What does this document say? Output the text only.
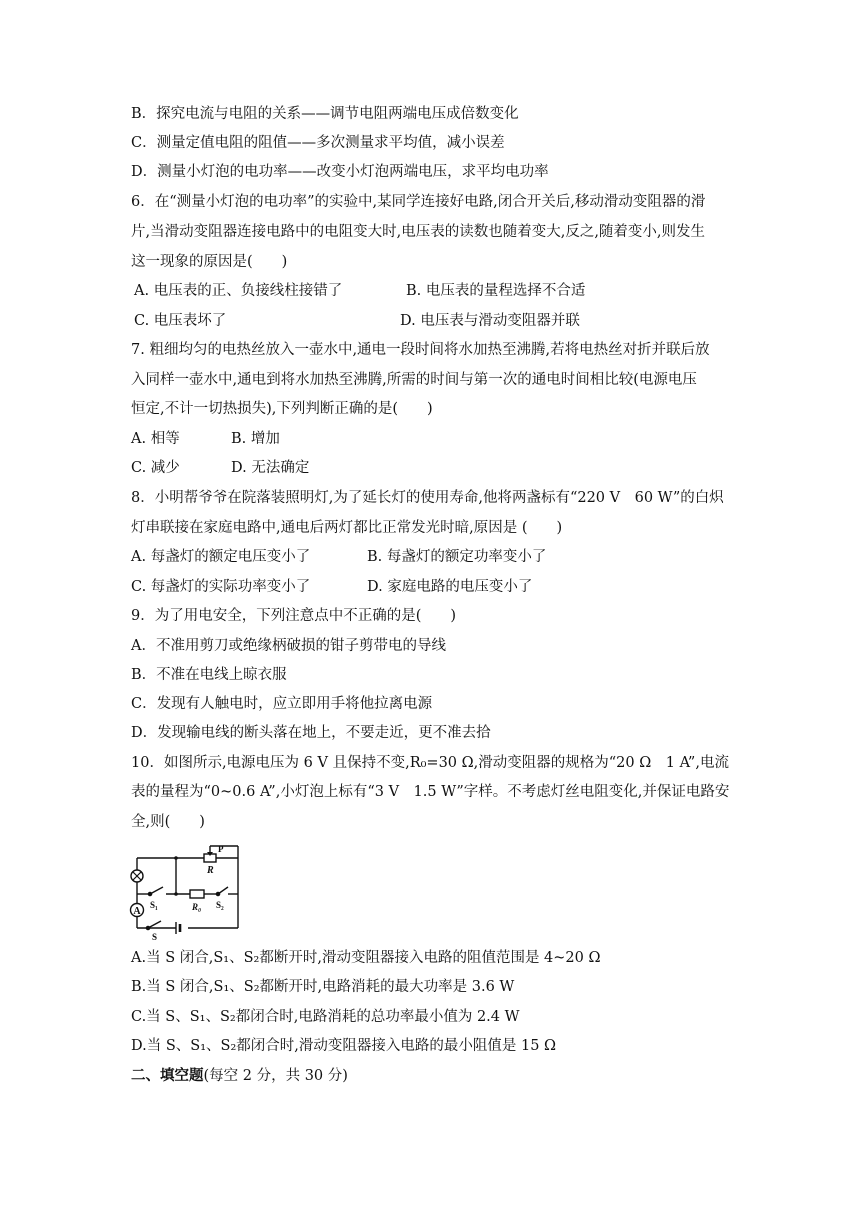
B．探究电流与电阻的关系——调节电阻两端电压成倍数变化
C．测量定值电阻的阻值——多次测量求平均值，减小误差
D．测量小灯泡的电功率——改变小灯泡两端电压，求平均电功率
6．在“测量小灯泡的电功率”的实验中,某同学连接好电路,闭合开关后,移动滑动变阻器的滑
片,当滑动变阻器连接电路中的电阻变大时,电压表的读数也随着变大,反之,随着变小,则发生
这一现象的原因是(　　)
A. 电压表的正、负接线柱接错了	B. 电压表的量程选择不合适
C. 电压表坏了	D. 电压表与滑动变阻器并联
7. 粗细均匀的电热丝放入一壶水中,通电一段时间将水加热至沸腾,若将电热丝对折并联后放
入同样一壶水中,通电到将水加热至沸腾,所需的时间与第一次的通电时间相比较(电源电压
恒定,不计一切热损失),下列判断正确的是(　　)
A. 相等	B. 增加
C. 减少	D. 无法确定
8．小明帮爷爷在院落装照明灯,为了延长灯的使用寿命,他将两盏标有“220 V　60 W”的白炽
灯串联接在家庭电路中,通电后两灯都比正常发光时暗,原因是 (　　)
A. 每盏灯的额定电压变小了	B. 每盏灯的额定功率变小了
C. 每盏灯的实际功率变小了	D. 家庭电路的电压变小了
9．为了用电安全，下列注意点中不正确的是(　　)
A．不准用剪刀或绝缘柄破损的钳子剪带电的导线
B．不准在电线上晾衣服
C．发现有人触电时，应立即用手将他拉离电源
D．发现输电线的断头落在地上，不要走近，更不准去拾
10．如图所示,电源电压为 6 V 且保持不变,R₀=30 Ω,滑动变阻器的规格为“20 Ω　1 A”,电流
表的量程为“0~0.6 A”,小灯泡上标有“3 V　1.5 W”字样。不考虑灯丝电阻变化,并保证电路安
全,则(　　)
A
P
R
R₀
S₁	S₂
S
A.当 S 闭合,S₁、S₂都断开时,滑动变阻器接入电路的阻值范围是 4~20 Ω
B.当 S 闭合,S₁、S₂都断开时,电路消耗的最大功率是 3.6 W
C.当 S、S₁、S₂都闭合时,电路消耗的总功率最小值为 2.4 W
D.当 S、S₁、S₂都闭合时,滑动变阻器接入电路的最小阻值是 15 Ω
二、填空题(每空 2 分，共 30 分)
